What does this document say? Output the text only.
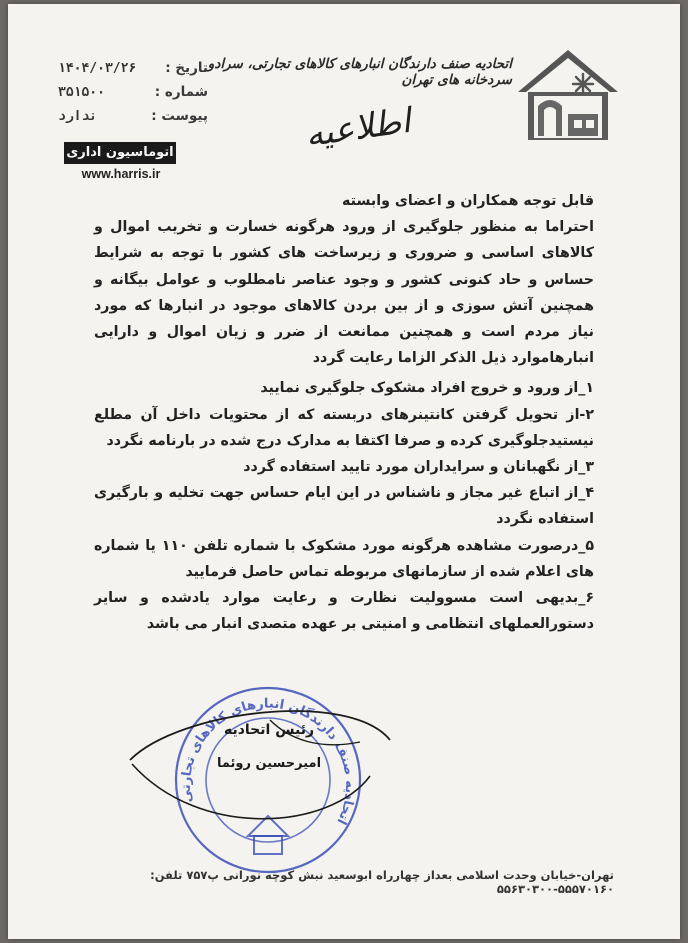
اتحادیه صنف دارندگان انبارهای کالاهای تجارتی، سرادو سردخانه های تهران
تاریخ :
۱۴۰۴/۰۳/۲۶
شماره :
۳۵۱۵۰۰
پیوست :
ندارد
اتوماسیون اداری
www.harris.ir
اطلاعیه

قابل توجه همکاران و اعضای وابسته

احتراما به منظور جلوگیری از ورود هرگونه خسارت و تخریب اموال و کالاهای اساسی و ضروری و زیرساخت های کشور با توجه به شرایط حساس و حاد کنونی کشور و وجود عناصر نامطلوب و عوامل بیگانه و همچنین آتش سوزی و از بین بردن کالاهای موجود در انبارها که مورد نیاز مردم است و همچنین ممانعت از ضرر و زیان اموال و دارایی انبارهاموارد ذیل الذکر الزاما رعایت گردد

۱_از ورود و خروج افراد مشکوک جلوگیری نمایید

۲-از تحویل گرفتن کانتینرهای دربسته که از محتویات داخل آن مطلع نیستیدجلوگیری کرده و صرفا اکتفا به مدارک درج شده در بارنامه نگردد

۳_از نگهبانان و سرایداران مورد تایید استفاده گردد

۴_از اتباع غیر مجاز و ناشناس در این ایام حساس جهت تخلیه و بارگیری استفاده نگردد

۵_درصورت مشاهده هرگونه مورد مشکوک با شماره تلفن ۱۱۰ یا شماره های اعلام شده از سازمانهای مربوطه تماس حاصل فرمایید

۶_بدیهی است مسوولیت نظارت و رعایت موارد یادشده و سایر دستورالعملهای انتظامی و امنیتی بر عهده متصدی انبار می باشد

اتحادیه صنف دارندگان انبارهای کالاهای تجارتی
رئیس اتحادیه
امیرحسین روئما
تهران-خیابان وحدت اسلامی بعداز چهارراه ابوسعید نبش کوچه نورانی پ۷۵۷ تلفن: ۵۵۵۷۰۱۶۰-۵۵۶۳۰۳۰۰
